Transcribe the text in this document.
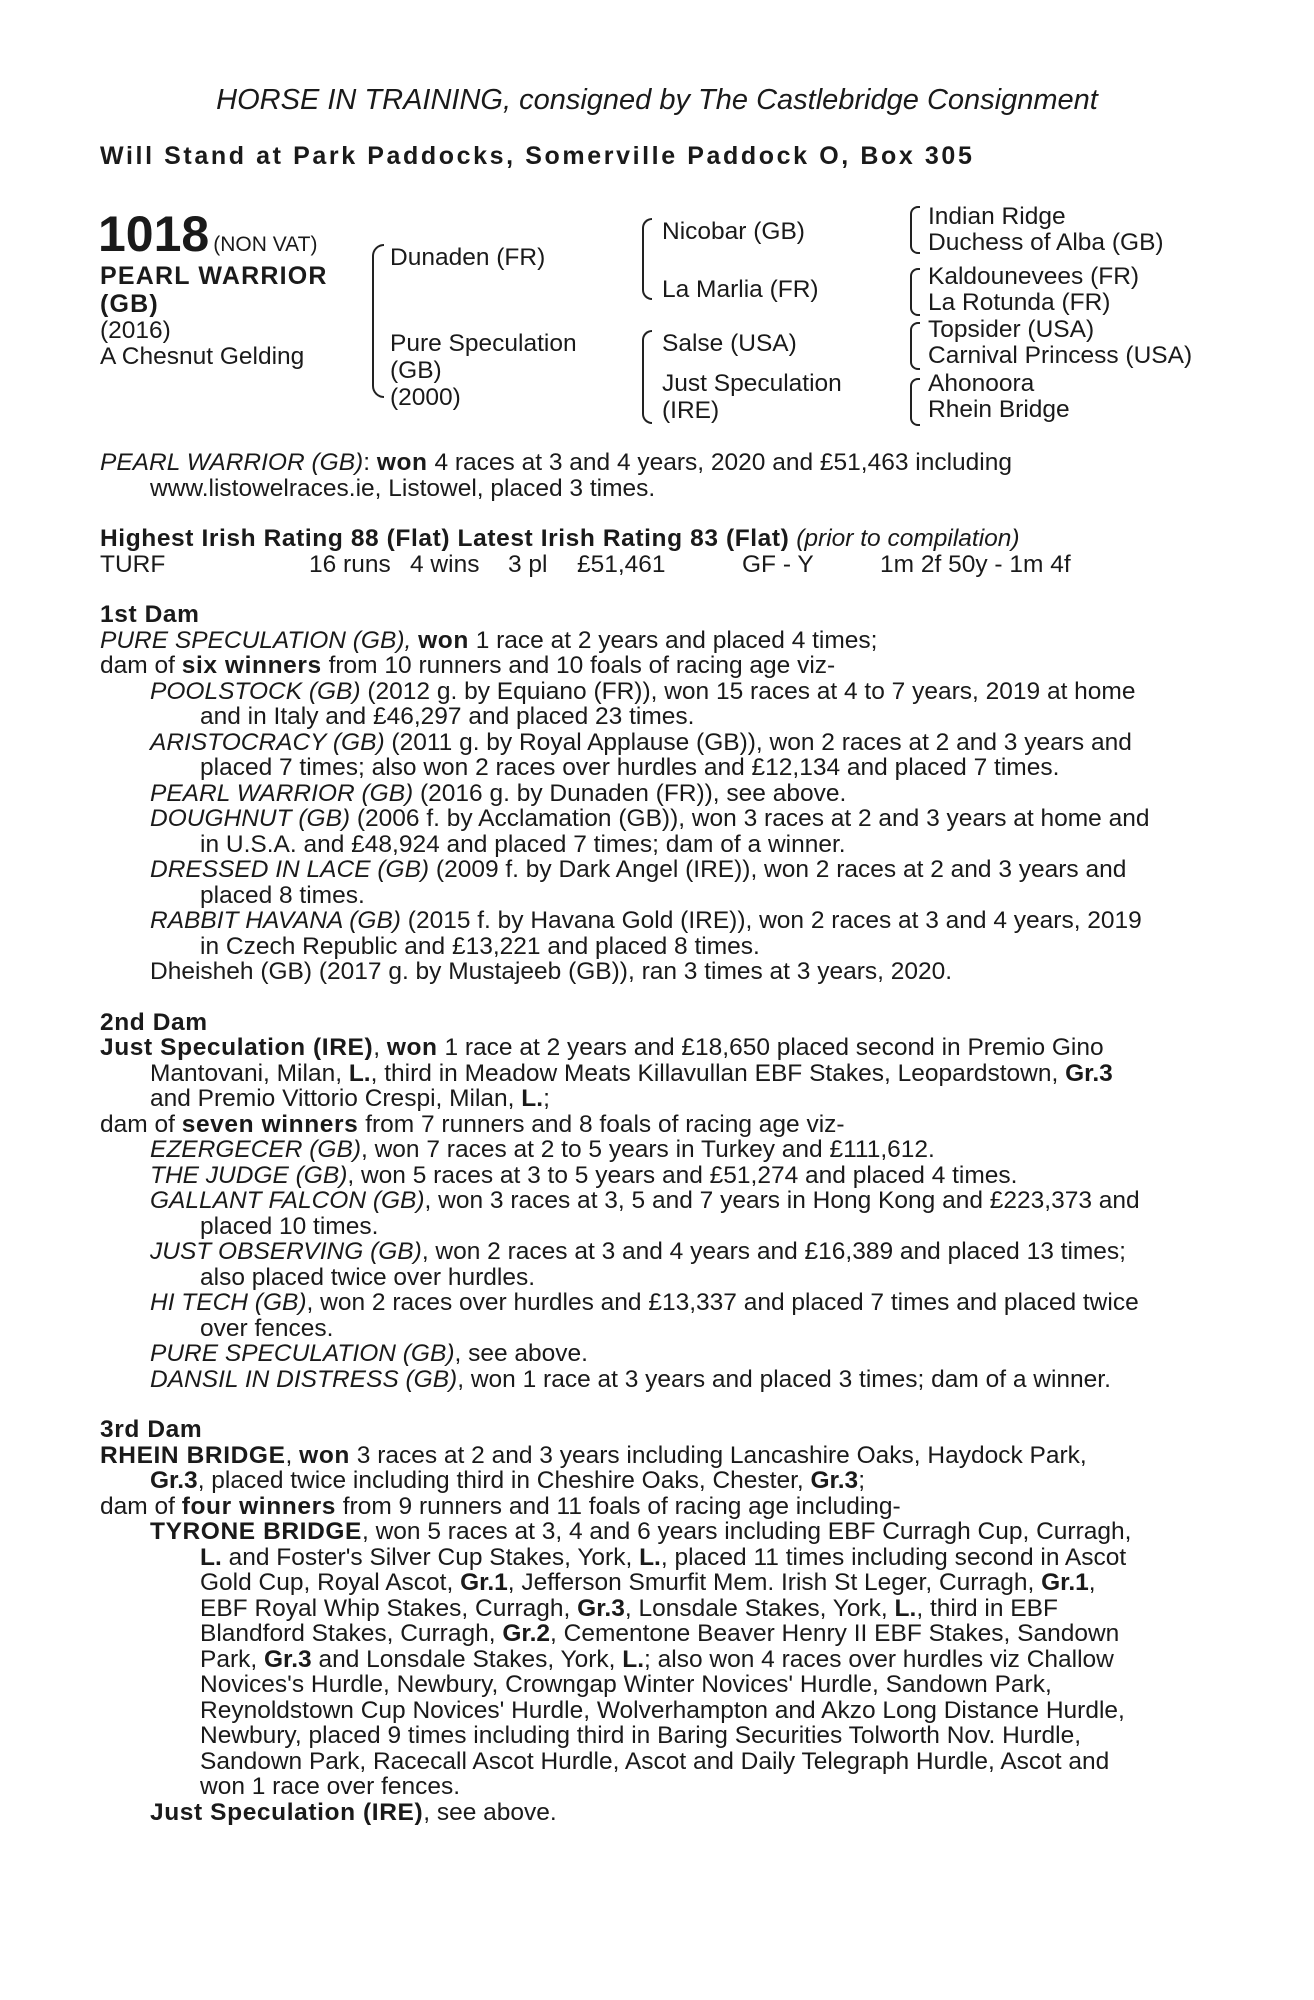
HORSE IN TRAINING, consigned by The Castlebridge Consignment
Will Stand at Park Paddocks, Somerville Paddock O, Box 305
1018 (NON VAT)
PEARL WARRIOR
(GB)
(2016)
A Chesnut Gelding
Dunaden (FR)
Pure Speculation
(GB)
(2000)
Nicobar (GB)
La Marlia (FR)
Salse (USA)
Just Speculation
(IRE)
Indian Ridge
Duchess of Alba (GB)
Kaldounevees (FR)
La Rotunda (FR)
Topsider (USA)
Carnival Princess (USA)
Ahonoora
Rhein Bridge
PEARL WARRIOR (GB): won 4 races at 3 and 4 years, 2020 and £51,463 including
www.listowelraces.ie, Listowel, placed 3 times.
Highest Irish Rating 88 (Flat) Latest Irish Rating 83 (Flat) (prior to compilation)
TURF	16 runs 4 wins 3 pl £51,461	GF - Y	1m 2f 50y - 1m 4f
1st Dam
PURE SPECULATION (GB), won 1 race at 2 years and placed 4 times;
dam of six winners from 10 runners and 10 foals of racing age viz-
POOLSTOCK (GB) (2012 g. by Equiano (FR)), won 15 races at 4 to 7 years, 2019 at home
and in Italy and £46,297 and placed 23 times.
ARISTOCRACY (GB) (2011 g. by Royal Applause (GB)), won 2 races at 2 and 3 years and
placed 7 times; also won 2 races over hurdles and £12,134 and placed 7 times.
PEARL WARRIOR (GB) (2016 g. by Dunaden (FR)), see above.
DOUGHNUT (GB) (2006 f. by Acclamation (GB)), won 3 races at 2 and 3 years at home and
in U.S.A. and £48,924 and placed 7 times; dam of a winner.
DRESSED IN LACE (GB) (2009 f. by Dark Angel (IRE)), won 2 races at 2 and 3 years and
placed 8 times.
RABBIT HAVANA (GB) (2015 f. by Havana Gold (IRE)), won 2 races at 3 and 4 years, 2019
in Czech Republic and £13,221 and placed 8 times.
Dheisheh (GB) (2017 g. by Mustajeeb (GB)), ran 3 times at 3 years, 2020.
2nd Dam
Just Speculation (IRE), won 1 race at 2 years and £18,650 placed second in Premio Gino
Mantovani, Milan, L., third in Meadow Meats Killavullan EBF Stakes, Leopardstown, Gr.3
and Premio Vittorio Crespi, Milan, L.;
dam of seven winners from 7 runners and 8 foals of racing age viz-
EZERGECER (GB), won 7 races at 2 to 5 years in Turkey and £111,612.
THE JUDGE (GB), won 5 races at 3 to 5 years and £51,274 and placed 4 times.
GALLANT FALCON (GB), won 3 races at 3, 5 and 7 years in Hong Kong and £223,373 and
placed 10 times.
JUST OBSERVING (GB), won 2 races at 3 and 4 years and £16,389 and placed 13 times;
also placed twice over hurdles.
HI TECH (GB), won 2 races over hurdles and £13,337 and placed 7 times and placed twice
over fences.
PURE SPECULATION (GB), see above.
DANSIL IN DISTRESS (GB), won 1 race at 3 years and placed 3 times; dam of a winner.
3rd Dam
RHEIN BRIDGE, won 3 races at 2 and 3 years including Lancashire Oaks, Haydock Park,
Gr.3, placed twice including third in Cheshire Oaks, Chester, Gr.3;
dam of four winners from 9 runners and 11 foals of racing age including-
TYRONE BRIDGE, won 5 races at 3, 4 and 6 years including EBF Curragh Cup, Curragh,
L. and Foster's Silver Cup Stakes, York, L., placed 11 times including second in Ascot
Gold Cup, Royal Ascot, Gr.1, Jefferson Smurfit Mem. Irish St Leger, Curragh, Gr.1,
EBF Royal Whip Stakes, Curragh, Gr.3, Lonsdale Stakes, York, L., third in EBF
Blandford Stakes, Curragh, Gr.2, Cementone Beaver Henry II EBF Stakes, Sandown
Park, Gr.3 and Lonsdale Stakes, York, L.; also won 4 races over hurdles viz Challow
Novices's Hurdle, Newbury, Crowngap Winter Novices' Hurdle, Sandown Park,
Reynoldstown Cup Novices' Hurdle, Wolverhampton and Akzo Long Distance Hurdle,
Newbury, placed 9 times including third in Baring Securities Tolworth Nov. Hurdle,
Sandown Park, Racecall Ascot Hurdle, Ascot and Daily Telegraph Hurdle, Ascot and
won 1 race over fences.
Just Speculation (IRE), see above.
